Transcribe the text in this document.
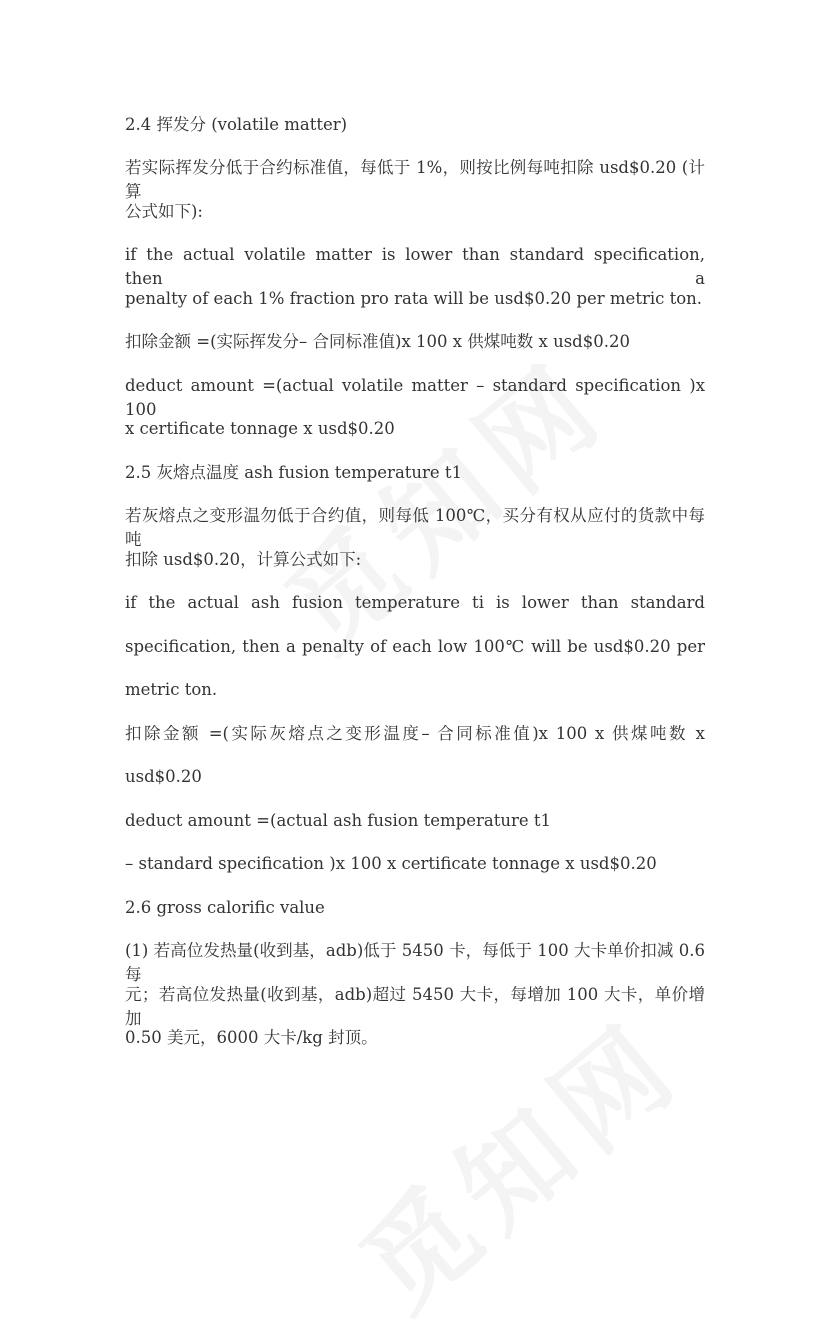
2.4 挥发分 (volatile matter)
若实际挥发分低于合约标准值，每低于 1%，则按比例每吨扣除 usd$0.20 (计算
公式如下):
if the actual volatile matter is lower than standard specification, then a
penalty of each 1% fraction pro rata will be usd$0.20 per metric ton.
扣除金额 =(实际挥发分– 合同标准值)x 100 x 供煤吨数 x usd$0.20
deduct amount =(actual volatile matter – standard specification )x 100
x certificate tonnage x usd$0.20
2.5 灰熔点温度 ash fusion temperature t1
若灰熔点之变形温勿低于合约值，则每低 100℃，买分有权从应付的货款中每吨
扣除 usd$0.20，计算公式如下:
if the actual ash fusion temperature ti is lower than standard
specification, then a penalty of each low 100℃ will be usd$0.20 per
metric ton.
扣除金额 =(实际灰熔点之变形温度– 合同标准值)x 100 x 供煤吨数 x
usd$0.20
deduct amount =(actual ash fusion temperature t1
– standard specification )x 100 x certificate tonnage x usd$0.20
2.6 gross calorific value
(1) 若高位发热量(收到基，adb)低于 5450 卡，每低于 100 大卡单价扣减 0.6 每
元；若高位发热量(收到基，adb)超过 5450 大卡，每增加 100 大卡，单价增加
0.50 美元，6000 大卡/kg 封顶。
